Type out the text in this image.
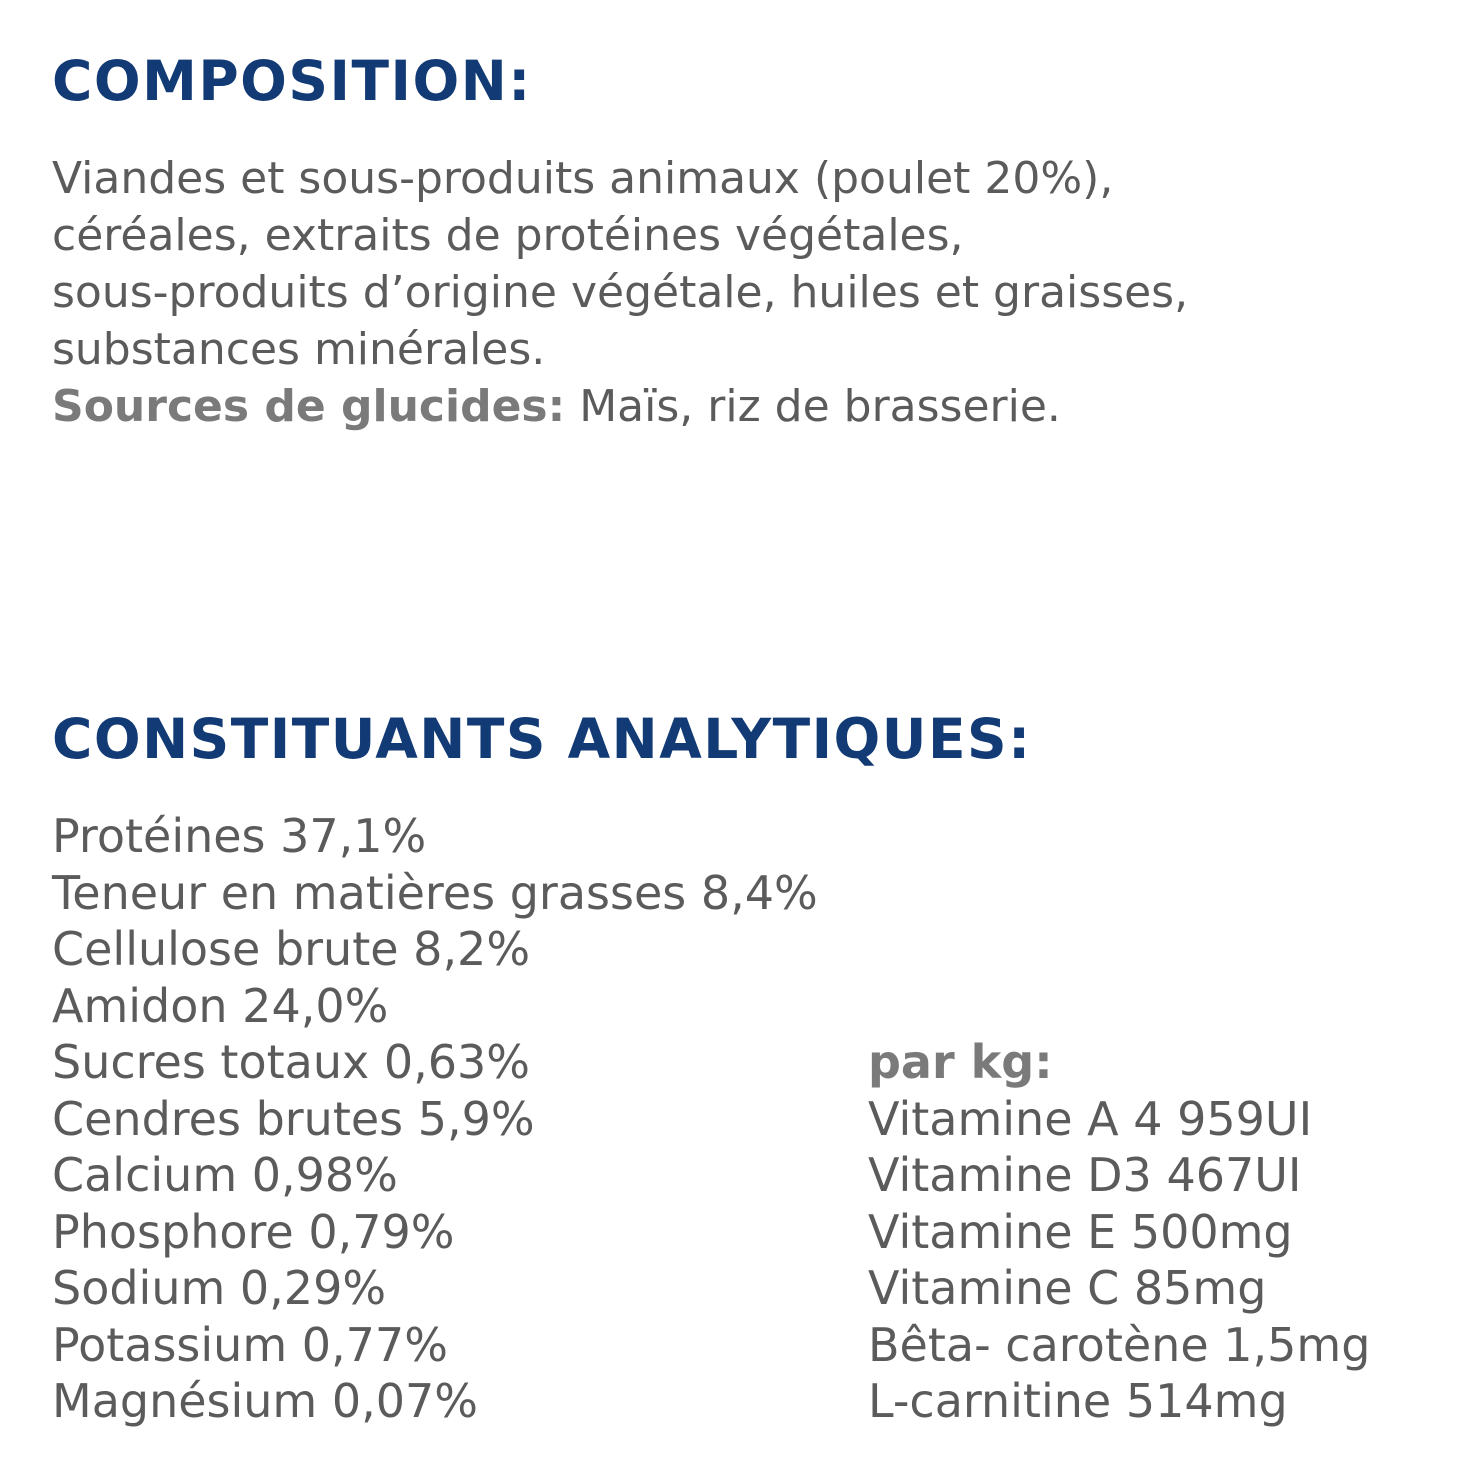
COMPOSITION:

Viandes et sous-produits animaux (poulet 20%),
céréales, extraits de protéines végétales,
sous-produits d’origine végétale, huiles et graisses,
substances minérales.
Sources de glucides: Maïs, riz de brasserie.

CONSTITUANTS ANALYTIQUES:
Protéines 37,1%
Teneur en matières grasses 8,4%
Cellulose brute 8,2%
Amidon 24,0%
Sucres totaux 0,63%
Cendres brutes 5,9%
Calcium 0,98%
Phosphore 0,79%
Sodium 0,29%
Potassium 0,77%
Magnésium 0,07%
par kg:
Vitamine A 4 959UI
Vitamine D3 467UI
Vitamine E 500mg
Vitamine C 85mg
Bêta- carotène 1,5mg
L-carnitine 514mg
